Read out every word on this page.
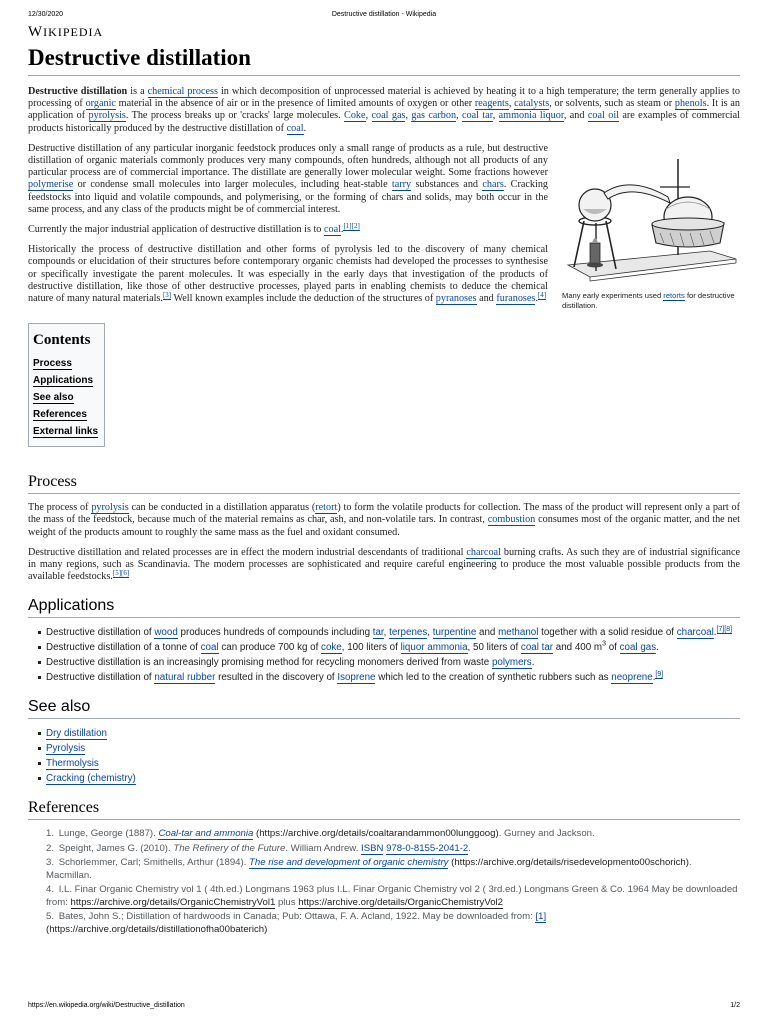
12/30/2020	Destructive distillation - Wikipedia
WIKIPEDIA
Destructive distillation

Destructive distillation is a chemical process in which decomposition of unprocessed material is achieved by heating it to a high temperature; the term generally applies to processing of organic material in the absence of air or in the presence of limited amounts of oxygen or other reagents, catalysts, or solvents, such as steam or phenols. It is an application of pyrolysis. The process breaks up or 'cracks' large molecules. Coke, coal gas, gas carbon, coal tar, ammonia liquor, and coal oil are examples of commercial products historically produced by the destructive distillation of coal.

Many early experiments used retorts for destructive distillation.

Destructive distillation of any particular inorganic feedstock produces only a small range of products as a rule, but destructive distillation of organic materials commonly produces very many compounds, often hundreds, although not all products of any particular process are of commercial importance. The distillate are generally lower molecular weight. Some fractions however polymerise or condense small molecules into larger molecules, including heat-stable tarry substances and chars. Cracking feedstocks into liquid and volatile compounds, and polymerising, or the forming of chars and solids, may both occur in the same process, and any class of the products might be of commercial interest.

Currently the major industrial application of destructive distillation is to coal.[1][2]

Historically the process of destructive distillation and other forms of pyrolysis led to the discovery of many chemical compounds or elucidation of their structures before contemporary organic chemists had developed the processes to synthesise or specifically investigate the parent molecules. It was especially in the early days that investigation of the products of destructive distillation, like those of other destructive processes, played parts in enabling chemists to deduce the chemical nature of many natural materials.[3] Well known examples include the deduction of the structures of pyranoses and furanoses.[4]

Contents
Process
Applications
See also
References
External links
Process

The process of pyrolysis can be conducted in a distillation apparatus (retort) to form the volatile products for collection. The mass of the product will represent only a part of the mass of the feedstock, because much of the material remains as char, ash, and non-volatile tars. In contrast, combustion consumes most of the organic matter, and the net weight of the products amount to roughly the same mass as the fuel and oxidant consumed.

Destructive distillation and related processes are in effect the modern industrial descendants of traditional charcoal burning crafts. As such they are of industrial significance in many regions, such as Scandinavia. The modern processes are sophisticated and require careful engineering to produce the most valuable possible products from the available feedstocks.[5][6]

Applications
Destructive distillation of wood produces hundreds of compounds including tar, terpenes, turpentine and methanol together with a solid residue of charcoal.[7][8]
Destructive distillation of a tonne of coal can produce 700 kg of coke, 100 liters of liquor ammonia, 50 liters of coal tar and 400 $m^3$ of coal gas.
Destructive distillation is an increasingly promising method for recycling monomers derived from waste polymers.
Destructive distillation of natural rubber resulted in the discovery of Isoprene which led to the creation of synthetic rubbers such as neoprene.[9]
See also
Dry distillation
Pyrolysis
Thermolysis
Cracking (chemistry)
References
1. Lunge, George (1887). Coal-tar and ammonia (https://archive.org/details/coaltarandammon00lunggoog). Gurney and Jackson.
2. Speight, James G. (2010). The Refinery of the Future. William Andrew. ISBN 978-0-8155-2041-2.
3. Schorlemmer, Carl; Smithells, Arthur (1894). The rise and development of organic chemistry (https://archive.org/details/risedevelopmento00schorich). Macmillan.
4. I.L. Finar Organic Chemistry vol 1 ( 4th.ed.) Longmans 1963 plus I.L. Finar Organic Chemistry vol 2 ( 3rd.ed.) Longmans Green & Co. 1964 May be downloaded from: https://archive.org/details/OrganicChemistryVol1 plus https://archive.org/details/OrganicChemistryVol2
5. Bates, John S.; Distillation of hardwoods in Canada; Pub: Ottawa, F. A. Acland, 1922. May be downloaded from: [1] (https://archive.org/details/distillationofha00baterich)
https://en.wikipedia.org/wiki/Destructive_distillation	1/2
